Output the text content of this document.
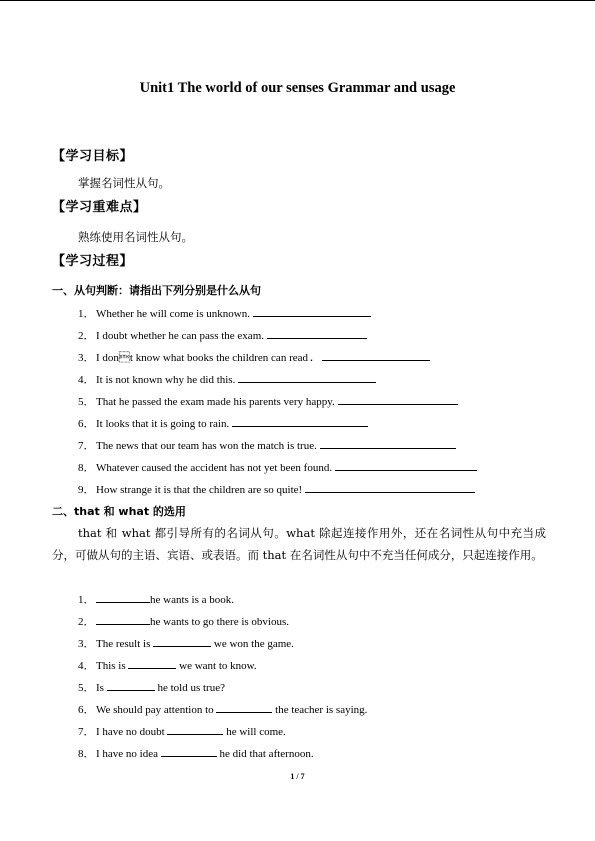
Unit1 The world of our senses Grammar and usage
【学习目标】
掌握名词性从句。
【学习重难点】
熟练使用名词性从句。
【学习过程】
一、从句判断：请指出下列分别是什么从句
1． Whether he will come is unknown.
2． I doubt whether he can pass the exam.
3． I dont know what books the children can read．
4． It is not known why he did this.
5． That he passed the exam made his parents very happy.
6． It looks that it is going to rain.
7． The news that our team has won the match is true.
8． Whatever caused the accident has not yet been found.
9． How strange it is that the children are so quite!
二、that 和 what 的选用
that 和 what 都引导所有的名词从句。what 除起连接作用外，还在名词性从句中充当成分，可做从句的主语、宾语、或表语。而 that 在名词性从句中不充当任何成分，只起连接作用。
1．	he wants is a book.
2．	he wants to go there is obvious.
3． The result is	we won the game.
4． This is	we want to know.
5． Is	he told us true?
6． We should pay attention to	the teacher is saying.
7． I have no doubt	he will come.
8． I have no idea	he did that afternoon.
1 / 7
